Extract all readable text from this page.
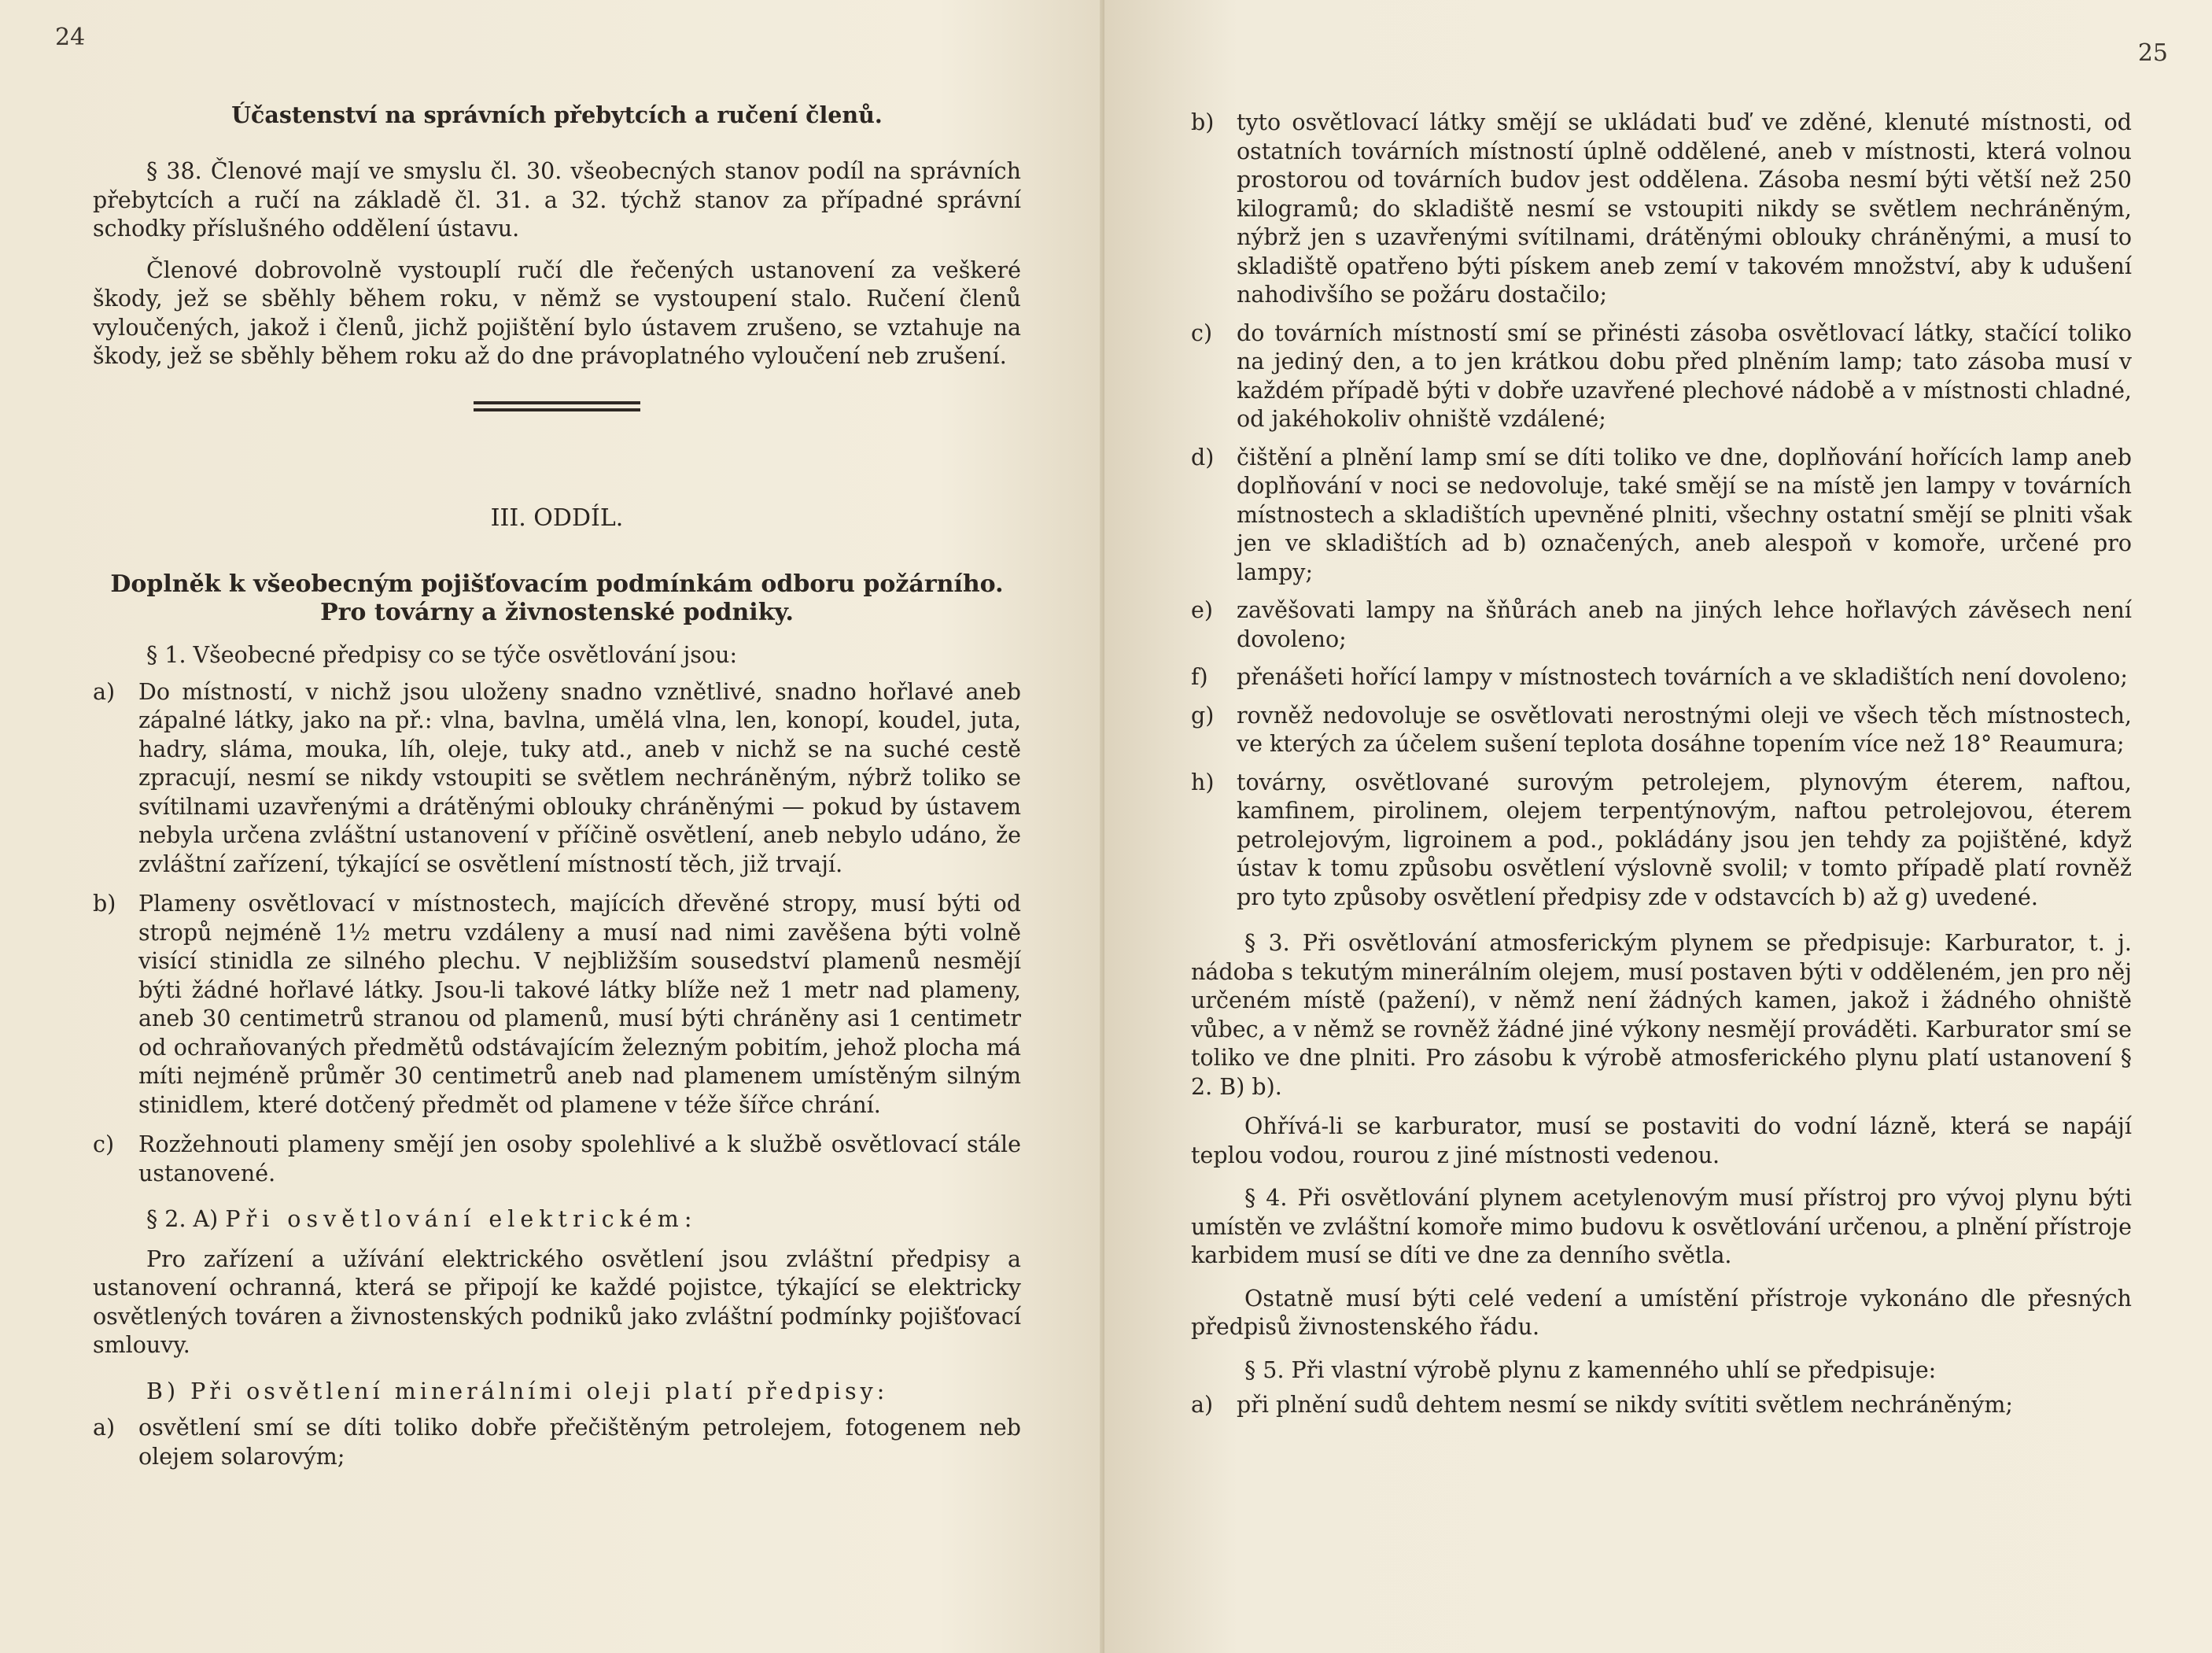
24

Účastenství na správních přebytcích a ručení členů.

§ 38. Členové mají ve smyslu čl. 30. všeobecných stanov podíl na správních přebytcích a ručí na základě čl. 31. a 32. týchž stanov za případné správní schodky příslušného oddělení ústavu.

Členové dobrovolně vystouplí ručí dle řečených ustanovení za veškeré škody, jež se sběhly během roku, v němž se vystoupení stalo. Ručení členů vyloučených, jakož i členů, jichž pojištění bylo ústavem zrušeno, se vztahuje na škody, jež se sběhly během roku až do dne právoplatného vyloučení neb zrušení.

III. ODDÍL.

Doplněk k všeobecným pojišťovacím podmínkám odboru požárního. Pro továrny a živnostenské podniky.

§ 1. Všeobecné předpisy co se týče osvětlování jsou:

a)	Do místností, v nichž jsou uloženy snadno vznětlivé, snadno hořlavé aneb zápalné látky, jako na př.: vlna, bavlna, umělá vlna, len, konopí, koudel, juta, hadry, sláma, mouka, líh, oleje, tuky atd., aneb v nichž se na suché cestě zpracují, nesmí se nikdy vstoupiti se světlem nechráněným, nýbrž toliko se svítilnami uzavřenými a drátěnými oblouky chráněnými — pokud by ústavem nebyla určena zvláštní ustanovení v příčině osvětlení, aneb nebylo udáno, že zvláštní zařízení, týkající se osvětlení místností těch, již trvají.
b)	Plameny osvětlovací v místnostech, majících dřevěné stropy, musí býti od stropů nejméně 1½ metru vzdáleny a musí nad nimi zavěšena býti volně visící stinidla ze silného plechu. V nejbližším sousedství plamenů nesmějí býti žádné hořlavé látky. Jsou-li takové látky blíže než 1 metr nad plameny, aneb 30 centimetrů stranou od plamenů, musí býti chráněny asi 1 centimetr od ochraňovaných předmětů odstávajícím železným pobitím, jehož plocha má míti nejméně průměr 30 centimetrů aneb nad plamenem umístěným silným stinidlem, které dotčený předmět od plamene v téže šířce chrání.
c)	Rozžehnouti plameny smějí jen osoby spolehlivé a k službě osvětlovací stále ustanovené.

§ 2. A) Při osvětlování elektrickém:

Pro zařízení a užívání elektrického osvětlení jsou zvláštní předpisy a ustanovení ochranná, která se připojí ke každé pojistce, týkající se elektricky osvětlených továren a živnostenských podniků jako zvláštní podmínky pojišťovací smlouvy.

B) Při osvětlení minerálními oleji platí předpisy:

a)	osvětlení smí se díti toliko dobře přečištěným petrolejem, fotogenem neb olejem solarovým;
25
b)	tyto osvětlovací látky smějí se ukládati buď ve zděné, klenuté místnosti, od ostatních továrních místností úplně oddělené, aneb v místnosti, která volnou prostorou od továrních budov jest oddělena. Zásoba nesmí býti větší než 250 kilogramů; do skladiště nesmí se vstoupiti nikdy se světlem nechráněným, nýbrž jen s uzavřenými svítilnami, drátěnými oblouky chráněnými, a musí to skladiště opatřeno býti pískem aneb zemí v takovém množství, aby k udušení nahodivšího se požáru dostačilo;
c)	do továrních místností smí se přinésti zásoba osvětlovací látky, stačící toliko na jediný den, a to jen krátkou dobu před plněním lamp; tato zásoba musí v každém případě býti v dobře uzavřené plechové nádobě a v místnosti chladné, od jakéhokoliv ohniště vzdálené;
d)	čištění a plnění lamp smí se díti toliko ve dne, doplňování hořících lamp aneb doplňování v noci se nedovoluje, také smějí se na místě jen lampy v továrních místnostech a skladištích upevněné plniti, všechny ostatní smějí se plniti však jen ve skladištích ad b) označených, aneb alespoň v komoře, určené pro lampy;
e)	zavěšovati lampy na šňůrách aneb na jiných lehce hořlavých závěsech není dovoleno;
f)	přenášeti hořící lampy v místnostech továrních a ve skladištích není dovoleno;
g)	rovněž nedovoluje se osvětlovati nerostnými oleji ve všech těch místnostech, ve kterých za účelem sušení teplota dosáhne topením více než 18° Reaumura;
h)	továrny, osvětlované surovým petrolejem, plynovým éterem, naftou, kamfinem, pirolinem, olejem terpentýnovým, naftou petrolejovou, éterem petrolejovým, ligroinem a pod., pokládány jsou jen tehdy za pojištěné, když ústav k tomu způsobu osvětlení výslovně svolil; v tomto případě platí rovněž pro tyto způsoby osvětlení předpisy zde v odstavcích b) až g) uvedené.

§ 3. Při osvětlování atmosferickým plynem se předpisuje: Karburator, t. j. nádoba s tekutým minerálním olejem, musí postaven býti v odděleném, jen pro něj určeném místě (pažení), v němž není žádných kamen, jakož i žádného ohniště vůbec, a v němž se rovněž žádné jiné výkony nesmějí prováděti. Karburator smí se toliko ve dne plniti. Pro zásobu k výrobě atmosferického plynu platí ustanovení § 2. B) b).

Ohřívá-li se karburator, musí se postaviti do vodní lázně, která se napájí teplou vodou, rourou z jiné místnosti vedenou.

§ 4. Při osvětlování plynem acetylenovým musí přístroj pro vývoj plynu býti umístěn ve zvláštní komoře mimo budovu k osvětlování určenou, a plnění přístroje karbidem musí se díti ve dne za denního světla.

Ostatně musí býti celé vedení a umístění přístroje vykonáno dle přesných předpisů živnostenského řádu.

§ 5. Při vlastní výrobě plynu z kamenného uhlí se předpisuje:

a)	při plnění sudů dehtem nesmí se nikdy svítiti světlem nechráněným;
